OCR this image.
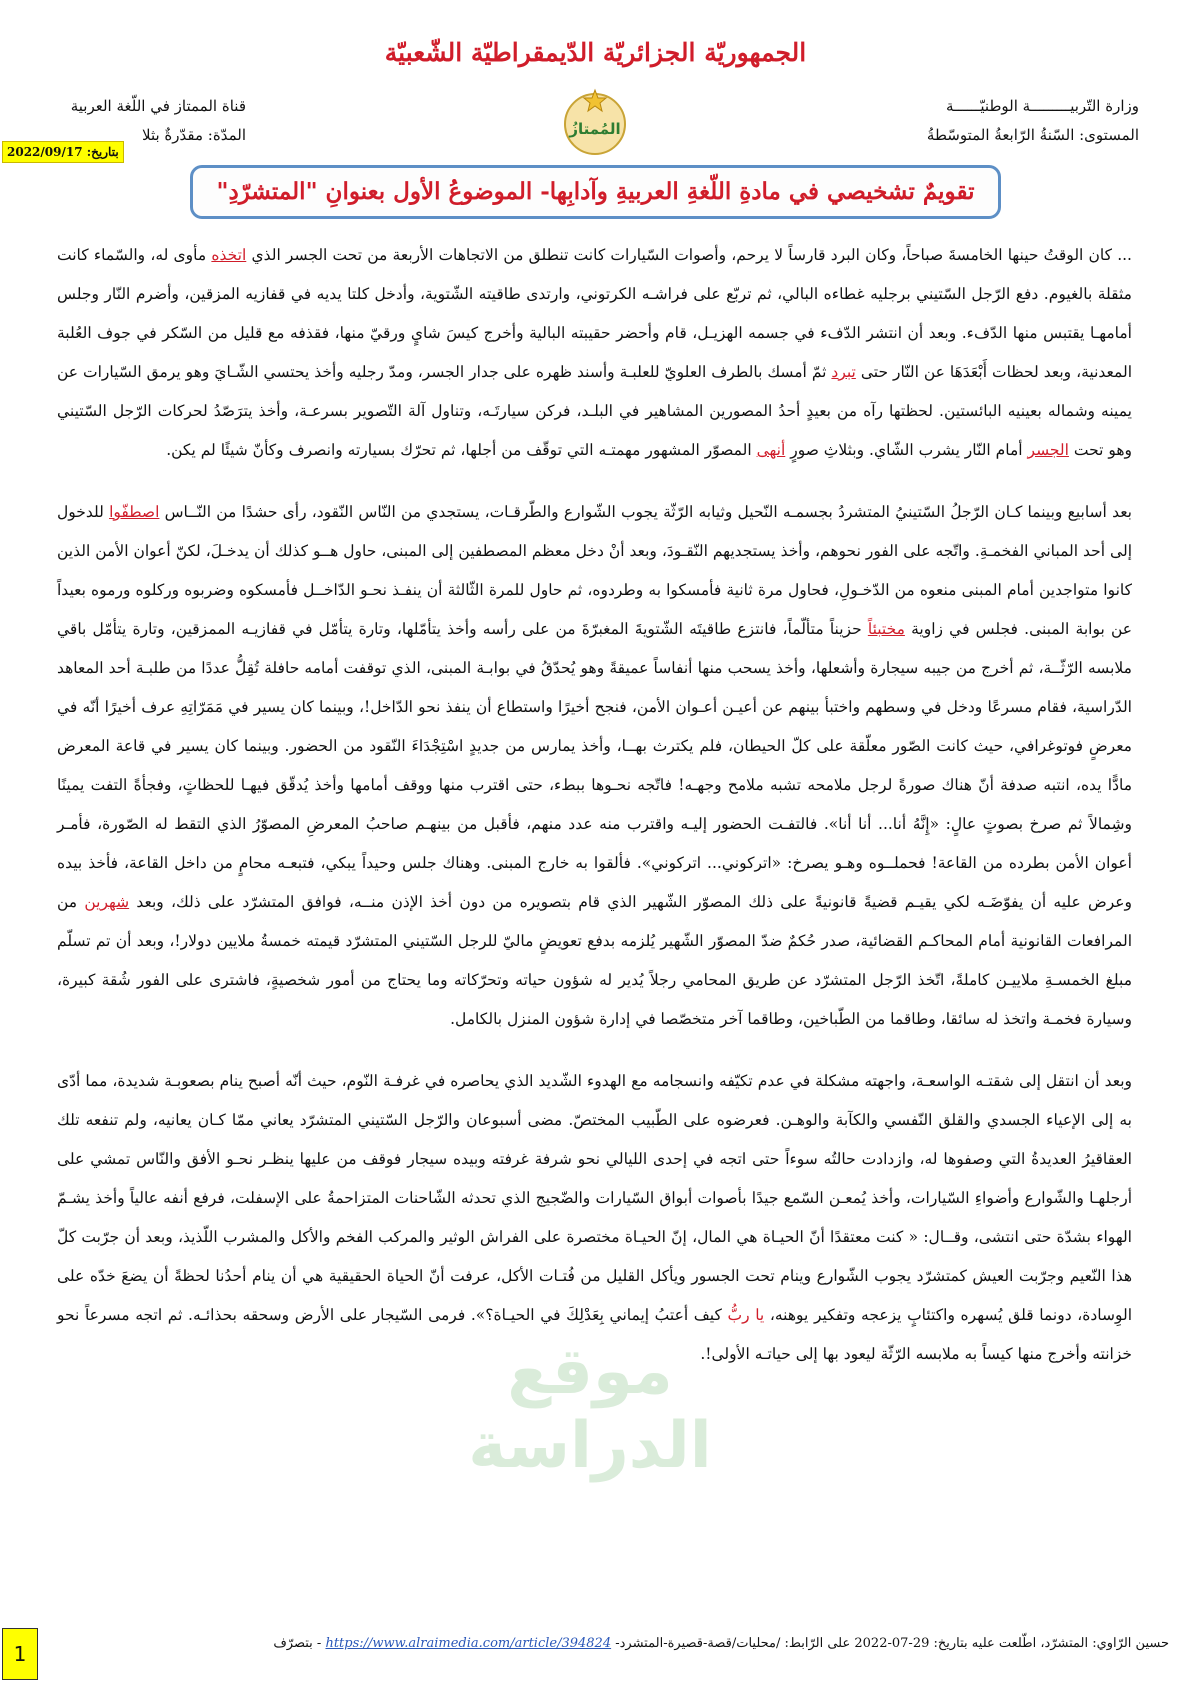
الجمهوريّة الجزائريّة الدّيمقراطيّة الشّعبيّة
المُمتازُ
وزارة التّربيـــــــــة الوطنيّــــــة
المستوى: السّنةُ الرّابعةُ المتوسّطةُ
قناة الممتاز في اللّغة العربية
المدّة: مقدّرةٌ بثلا
بتاريخ: 2022/09/17
تقويمٌ تشخيصي في مادةِ اللّغةِ العربيةِ وآدابِها- الموضوعُ الأول بعنوانِ "المتشرّدِ"

... كان الوقتُ حينها الخامسةَ صباحاً، وكان البرد قارساً لا يرحم، وأصوات السّيارات كانت تنطلق من الاتجاهات الأربعة من تحت الجسر الذي اتخذه مأوى له، والسّماء كانت مثقلة بالغيوم. دفع الرّجل السّتيني برجليه غطاءه البالي، ثم تربّع على فراشـه الكرتوني، وارتدى طاقيته الشّتوية، وأدخل كلتا يديه في قفازيه المزقين، وأضرم النّار وجلس أمامهـا يقتبس منها الدّفء. وبعد أن انتشر الدّفء في جسمه الهزيـل، قام وأحضر حقيبته البالية وأخرج كيسَ شايٍ ورقيّ منها، فقذفه مع قليل من السّكر في جوف العُلبة المعدنية، وبعد لحظات أَبْعَدَهَا عن النّار حتى تبرد ثمّ أمسك بالطرف العلويّ للعلبـة وأسند ظهره على جدار الجسر، ومدّ رجليه وأخذ يحتسي الشّـايَ وهو يرمق السّيارات عن يمينه وشماله بعينيه البائستين. لحظتها رآه من بعيدٍ أحدُ المصورين المشاهير في البلـد، فركن سيارتَـه، وتناول آلة التّصوير بسرعـة، وأخذ يترَصّدُ لحركات الرّجل السّتيني وهو تحت الجسر أمام النّار يشرب الشّاي. وبثلاثِ صورٍ أنهى المصوّر المشهور مهمتـه التي توقّف من أجلها، ثم تحرّك بسيارته وانصرف وكأنّ شيئًا لم يكن.

بعد أسابيع وبينما كـان الرّجلُ السّتينيُ المتشردُ بجسمـه النّحيل وثيابه الرّثّة يجوب الشّوارع والطّرقـات، يستجدي من النّاس النّقود، رأى حشدًا من النّــاس اصطفّوا للدخول إلى أحد المباني الفخمـةِ. واتّجه على الفور نحوهم، وأخذ يستجديهم النّقـودَ، وبعد أنْ دخل معظم المصطفين إلى المبنى، حاول هــو كذلك أن يدخـلَ، لكنّ أعوان الأمن الذين كانوا متواجدين أمام المبنى منعوه من الدّخـولِ، فحاول مرة ثانية فأمسكوا به وطردوه، ثم حاول للمرة الثّالثة أن ينفـذ نحـو الدّاخــل فأمسكوه وضربوه وركلوه ورموه بعيداً عن بوابة المبنى. فجلس في زاوية مختبئاً حزيناً متألّماً، فانتزع طاقيتَه الشّتويةَ المغبرّةَ من على رأسه وأخذ يتأمّلها، وتارة يتأمّل في قفازيـه الممزقين، وتارة يتأمّل باقي ملابسه الرّثّــة، ثم أخرج من جيبه سيجارة وأشعلها، وأخذ يسحب منها أنفاساً عميقةً وهو يُحدّقُ في بوابـة المبنى، الذي توقفت أمامه حافلة تُقِلُّ عددًا من طلبـة أحد المعاهد الدّراسية، فقام مسرعًا ودخل في وسطهم واختبأ بينهم عن أعيـن أعـوان الأمن، فنجح أخيرًا واستطاع أن ينفذ نحو الدّاخل!، وبينما كان يسير في مَمَرّاتِهِ عرف أخيرًا أنّه في معرضٍ فوتوغرافي، حيث كانت الصّور معلّقة على كلّ الحيطان، فلم يكترث بهــا، وأخذ يمارس من جديدٍ اسْتِجْدَاءَ النّقود من الحضور. وبينما كان يسير في قاعة المعرض مادًّا يده، انتبه صدفة أنّ هناك صورةً لرجل ملامحه تشبه ملامح وجهـه! فاتّجه نحـوها ببطء، حتى اقترب منها ووقف أمامها وأخذ يُدقّق فيهـا للحظاتٍ، وفجأةً التفت يمينًا وشِمالاً ثم صرخ بصوتٍ عالٍ: «إِنَّهُ أنا... أنا أنا». فالتفـت الحضور إليـه واقترب منه عدد منهم، فأقبل من بينهـم صاحبُ المعرضِ المصوّرُ الذي التقط له الصّورة، فأمـر أعوان الأمن بطرده من القاعة! فحملــوه وهـو يصرخ: «اتركوني... اتركوني». فألقوا به خارج المبنى. وهناك جلس وحيداً يبكي، فتبعـه محامٍ من داخل القاعة، فأخذ بيده وعرض عليه أن يفوّضَـه لكي يقيـم قضيةً قانونيةً على ذلك المصوّر الشّهير الذي قام بتصويره من دون أخذ الإذن منــه، فوافق المتشرّد على ذلك، وبعد شهرين من المرافعات القانونية أمام المحاكـم القضائية، صدر حُكمٌ ضدّ المصوّر الشّهير يُلزمه بدفع تعويضٍ ماليّ للرجل السّتيني المتشرّد قيمته خمسةُ ملايين دولار!، وبعد أن تم تسلّم مبلغ الخمسـةِ ملاييـن كاملةً، اتّخذ الرّجل المتشرّد عن طريق المحامي رجلاً يُدير له شؤون حياته وتحرّكاته وما يحتاج من أمور شخصيةٍ، فاشترى على الفور شُقة كبيرة، وسيارة فخمـة واتخذ له سائقا، وطاقما من الطّباخين، وطاقما آخر متخصّصا في إدارة شؤون المنزل بالكامل.

وبعد أن انتقل إلى شقتـه الواسعـة، واجهته مشكلة في عدم تكيّفه وانسجامه مع الهدوء الشّديد الذي يحاصره في غرفـة النّوم، حيث أنّه أصبح ينام بصعوبـة شديدة، مما أدّى به إلى الإعياء الجسدي والقلق النّفسي والكآبة والوهـن. فعرضوه على الطّبيب المختصّ. مضى أسبوعان والرّجل السّتيني المتشرّد يعاني ممّا كـان يعانيه، ولم تنفعه تلك العقاقيرُ العديدةُ التي وصفوها له، وازدادت حالتُه سوءاً حتى اتجه في إحدى الليالي نحو شرفة غرفته وبيده سيجار فوقف من عليها ينظـر نحـو الأفق والنّاس تمشي على أرجلهـا والشّوارع وأضواءِ السّيارات، وأخذ يُمعـن السّمع جيدًا بأصوات أبواق السّيارات والضّجيج الذي تحدثه الشّاحنات المتزاحمةُ على الإسفلت، فرفع أنفه عالياً وأخذ يشـمّ الهواء بشدّة حتى انتشى، وقــال: « كنت معتقدًا أنّ الحيـاة هي المال، إنّ الحيـاة مختصرة على الفراش الوثير والمركب الفخم والأكل والمشرب اللّذيذ، وبعد أن جرّبت كلّ هذا النّعيم وجرّبت العيش كمتشرّد يجوب الشّوارع وينام تحت الجسور ويأكل القليل من فُتـات الأكل، عرفت أنّ الحياة الحقيقية هي أن ينام أحدُنا لحظةً أن يضعَ خدّه على الوِسادة، دونما قلق يُسهره واكتئابٍ يزعجه وتفكير يوهنه، يا ربُّ كيف أعتبُ إيماني بِعَدْلِكَ في الحيـاة؟». فرمى السّيجار على الأرض وسحقه بحذائـه. ثم اتجه مسرعاً نحو خزانته وأخرج منها كيساً به ملابسه الرّثّة ليعود بها إلى حياتـه الأولى!.

موقع الدراسة
حسين الرّاوي: المتشرّد، اطّلعت عليه بتاريخ: 29-07-2022 على الرّابط: /محليات/قصة-قصيرة-المتشرد- https://www.alraimedia.com/article/394824 - بتصرّف
1
